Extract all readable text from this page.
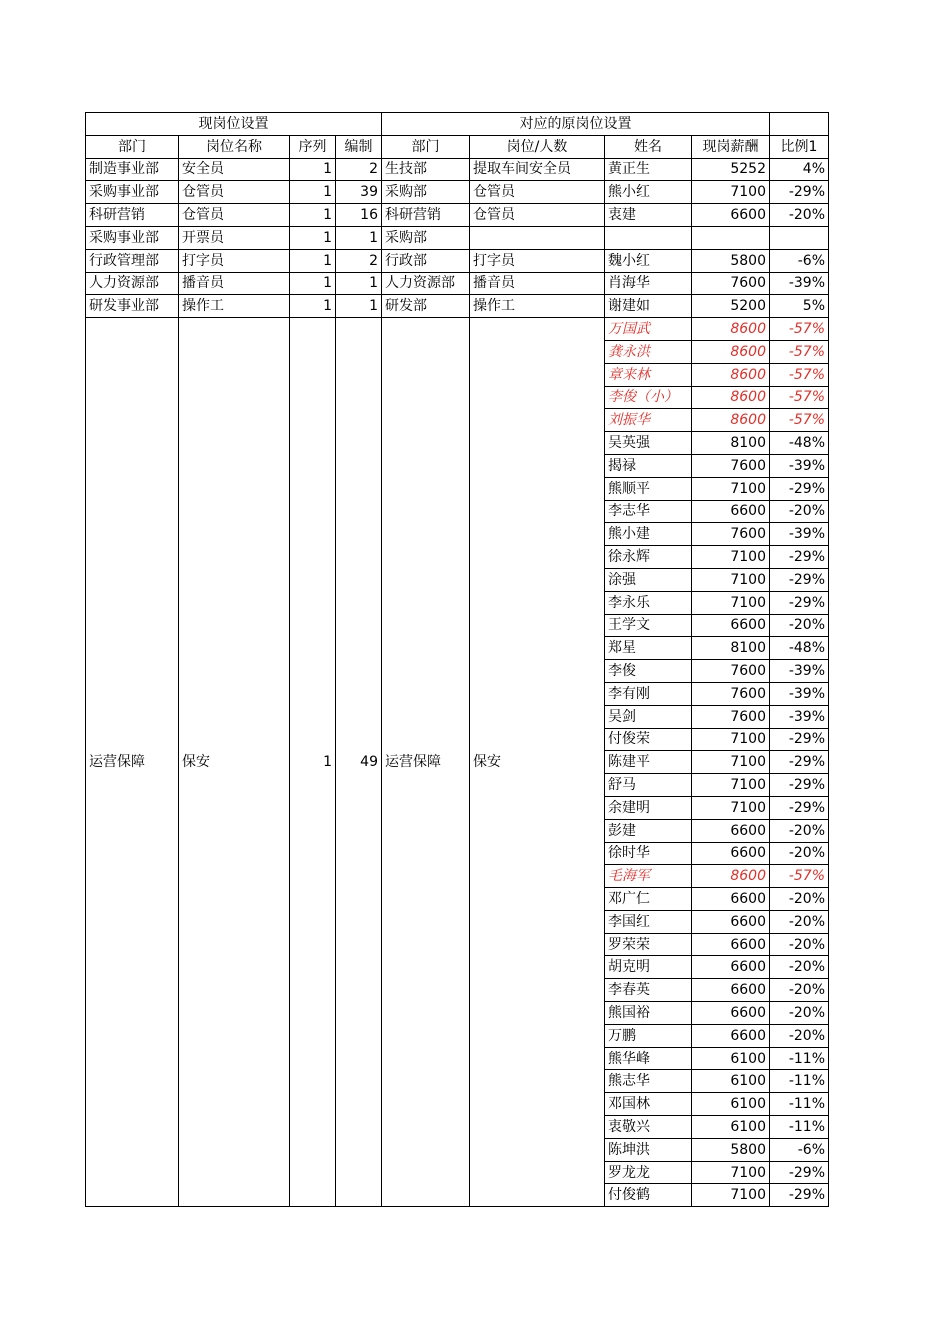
现岗位设置				对应的原岗位设置				
部门	岗位名称	序列	编制	部门	岗位/人数	姓名	现岗薪酬	比例1
制造事业部	安全员	1	2	生技部	提取车间安全员	黄正生	5252	4%
采购事业部	仓管员	1	39	采购部	仓管员	熊小红	7100	-29%
科研营销	仓管员	1	16	科研营销	仓管员	衷建	6600	-20%
采购事业部	开票员	1	1	采购部				
行政管理部	打字员	1	2	行政部	打字员	魏小红	5800	-6%
人力资源部	播音员	1	1	人力资源部	播音员	肖海华	7600	-39%
研发事业部	操作工	1	1	研发部	操作工	谢建如	5200	5%
运营保障	保安	1	49	运营保障	保安	万国武	8600	-57%
						龚永洪	8600	-57%
						章来林	8600	-57%
						李俊（小）	8600	-57%
						刘振华	8600	-57%
						吴英强	8100	-48%
						揭禄	7600	-39%
						熊顺平	7100	-29%
						李志华	6600	-20%
						熊小建	7600	-39%
						徐永辉	7100	-29%
						涂强	7100	-29%
						李永乐	7100	-29%
						王学文	6600	-20%
						郑星	8100	-48%
						李俊	7600	-39%
						李有刚	7600	-39%
						吴剑	7600	-39%
						付俊荣	7100	-29%
						陈建平	7100	-29%
						舒马	7100	-29%
						余建明	7100	-29%
						彭建	6600	-20%
						徐时华	6600	-20%
						毛海军	8600	-57%
						邓广仁	6600	-20%
						李国红	6600	-20%
						罗荣荣	6600	-20%
						胡克明	6600	-20%
						李春英	6600	-20%
						熊国裕	6600	-20%
						万鹏	6600	-20%
						熊华峰	6100	-11%
						熊志华	6100	-11%
						邓国林	6100	-11%
						衷敬兴	6100	-11%
						陈坤洪	5800	-6%
						罗龙龙	7100	-29%
						付俊鹤	7100	-29%
